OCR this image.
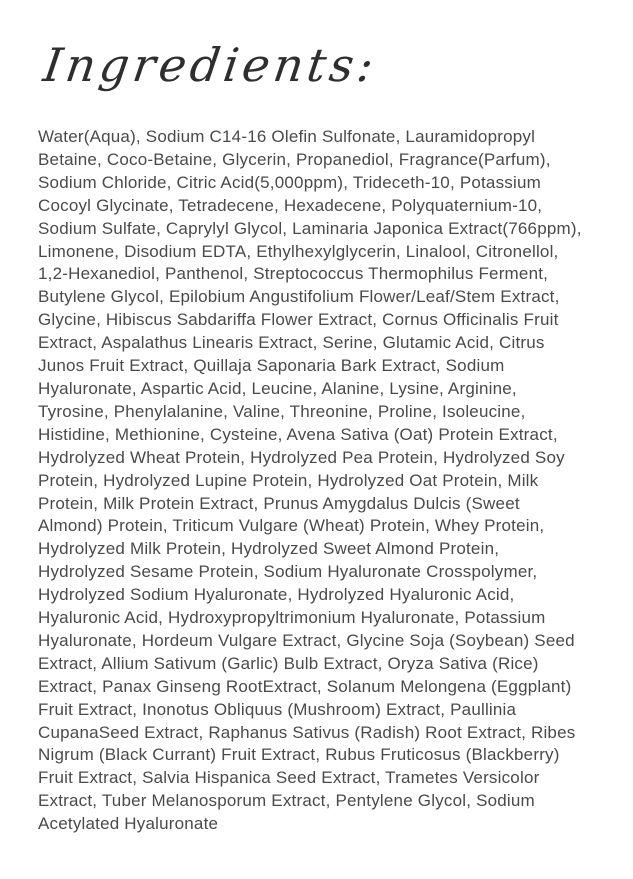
Ingredients:
Water(Aqua), Sodium C14-16 Olefin Sulfonate, Lauramidopropyl
Betaine, Coco-Betaine, Glycerin, Propanediol, Fragrance(Parfum),
Sodium Chloride, Citric Acid(5,000ppm), Trideceth-10, Potassium
Cocoyl Glycinate, Tetradecene, Hexadecene, Polyquaternium-10,
Sodium Sulfate, Caprylyl Glycol, Laminaria Japonica Extract(766ppm),
Limonene, Disodium EDTA, Ethylhexylglycerin, Linalool, Citronellol,
1,2-Hexanediol, Panthenol, Streptococcus Thermophilus Ferment,
Butylene Glycol, Epilobium Angustifolium Flower/Leaf/Stem Extract,
Glycine, Hibiscus Sabdariffa Flower Extract, Cornus Officinalis Fruit
Extract, Aspalathus Linearis Extract, Serine, Glutamic Acid, Citrus
Junos Fruit Extract, Quillaja Saponaria Bark Extract, Sodium
Hyaluronate, Aspartic Acid, Leucine, Alanine, Lysine, Arginine,
Tyrosine, Phenylalanine, Valine, Threonine, Proline, Isoleucine,
Histidine, Methionine, Cysteine, Avena Sativa (Oat) Protein Extract,
Hydrolyzed Wheat Protein, Hydrolyzed Pea Protein, Hydrolyzed Soy
Protein, Hydrolyzed Lupine Protein, Hydrolyzed Oat Protein, Milk
Protein, Milk Protein Extract, Prunus Amygdalus Dulcis (Sweet
Almond) Protein, Triticum Vulgare (Wheat) Protein, Whey Protein,
Hydrolyzed Milk Protein, Hydrolyzed Sweet Almond Protein,
Hydrolyzed Sesame Protein, Sodium Hyaluronate Crosspolymer,
Hydrolyzed Sodium Hyaluronate, Hydrolyzed Hyaluronic Acid,
Hyaluronic Acid, Hydroxypropyltrimonium Hyaluronate, Potassium
Hyaluronate, Hordeum Vulgare Extract, Glycine Soja (Soybean) Seed
Extract, Allium Sativum (Garlic) Bulb Extract, Oryza Sativa (Rice)
Extract, Panax Ginseng RootExtract, Solanum Melongena (Eggplant)
Fruit Extract, Inonotus Obliquus (Mushroom) Extract, Paullinia
CupanaSeed Extract, Raphanus Sativus (Radish) Root Extract, Ribes
Nigrum (Black Currant) Fruit Extract, Rubus Fruticosus (Blackberry)
Fruit Extract, Salvia Hispanica Seed Extract, Trametes Versicolor
Extract, Tuber Melanosporum Extract, Pentylene Glycol, Sodium
Acetylated Hyaluronate
